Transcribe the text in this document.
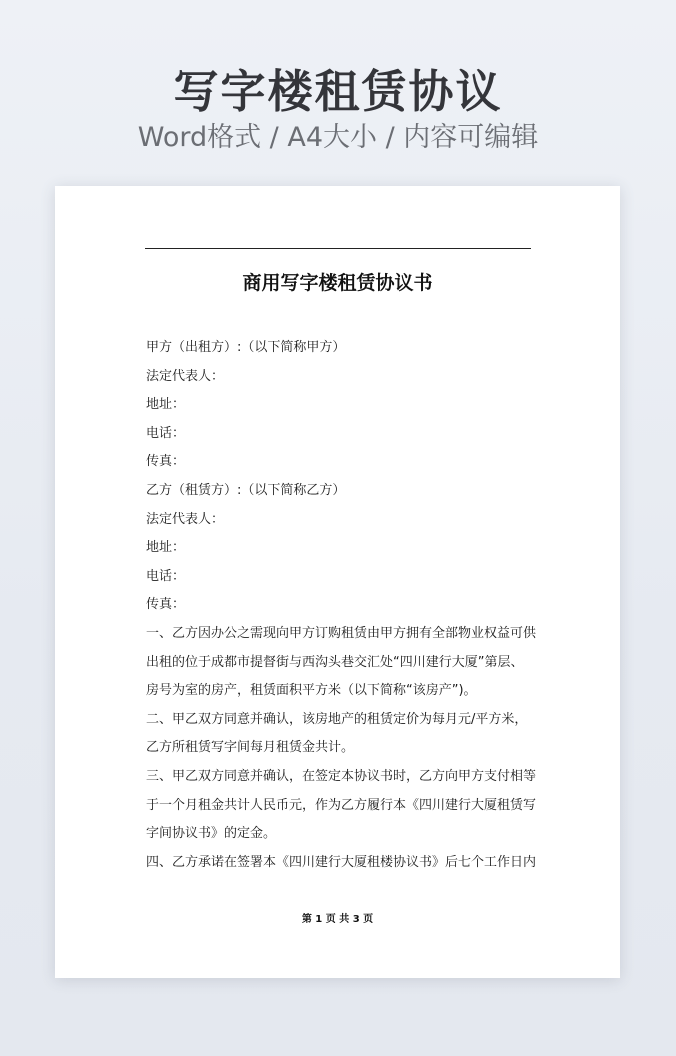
写字楼租赁协议
Word格式 / A4大小 / 内容可编辑
商用写字楼租赁协议书
甲方（出租方）:（以下简称甲方）
法定代表人：
地址：
电话：
传真：
乙方（租赁方）:（以下简称乙方）
法定代表人：
地址：
电话：
传真：
一、乙方因办公之需现向甲方订购租赁由甲方拥有全部物业权益可供
出租的位于成都市提督街与西沟头巷交汇处“四川建行大厦”第层、
房号为室的房产，租赁面积平方米（以下简称“该房产”)。
二、甲乙双方同意并确认，该房地产的租赁定价为每月元/平方米，
乙方所租赁写字间每月租赁金共计。
三、甲乙双方同意并确认，在签定本协议书时，乙方向甲方支付相等
于一个月租金共计人民币元，作为乙方履行本《四川建行大厦租赁写
字间协议书》的定金。
四、乙方承诺在签署本《四川建行大厦租楼协议书》后七个工作日内
第 1 页 共 3 页
